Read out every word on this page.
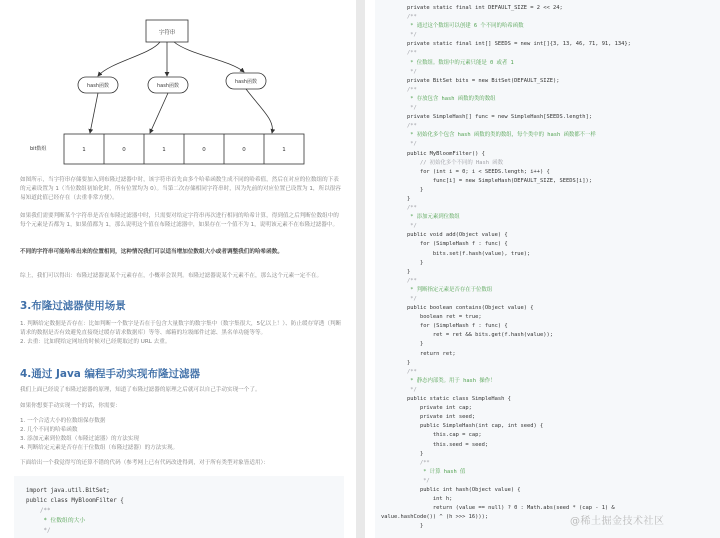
字符串
hash函数	hash函数
hash函数
bit数组	1	0	1	0	0	1

如图所示，当字符串存储要加入到布隆过滤器中时，该字符串首先由多个哈希函数生成不同的哈希值，然后在对应的位数组的下表的元素设置为 1（当位数组初始化时，所有位置均为 0）。当第二次存储相同字符串时，因为先前的对应位置已设置为 1，所以很容易知道此值已经存在（去重非常方便）。

如果我们需要判断某个字符串是否在布隆过滤器中时，只需要对给定字符串再次进行相同的哈希计算，得到值之后判断位数组中的每个元素是否都为 1，如果值都为 1，那么说明这个值在布隆过滤器中，如果存在一个值不为 1，说明该元素不在布隆过滤器中。

不同的字符串可能哈希出来的位置相同，这种情况我们可以适当增加位数组大小或者调整我们的哈希函数。

综上，我们可以得出：布隆过滤器说某个元素存在，小概率会误判。布隆过滤器说某个元素不在，那么这个元素一定不在。

3.布隆过滤器使用场景
1. 判断给定数据是否存在：比如判断一个数字是否在于包含大量数字的数字集中（数字集很大，5亿以上！）、防止缓存穿透（判断请求的数据是否有效避免直接绕过缓存请求数据库）等等、邮箱的垃圾邮件过滤、黑名单功能等等。
2. 去重：比如爬给定网址的时候对已经爬取过的 URL 去重。
4.通过 Java 编程手动实现布隆过滤器

我们上面已经说了布隆过滤器的原理，知道了布隆过滤器的原理之后就可以自己手动实现一个了。

如果你想要手动实现一个的话，你需要：

1. 一个合适大小的位数组保存数据
2. 几个不同的哈希函数
3. 添加元素到位数组（布隆过滤器）的方法实现
4. 判断给定元素是否存在于位数组（布隆过滤器）的方法实现。

下面给出一个我觉得写的还算不错的代码（参考网上已有代码改进得到，对于所有类型对象皆适用）：

import java.util.BitSet;
public class MyBloomFilter {
/**
* 位数组的大小
*/
private static final int DEFAULT_SIZE = 2 << 24;
/**
* 通过这个数组可以创建 6 个不同的哈希函数
*/
private static final int[] SEEDS = new int[]{3, 13, 46, 71, 91, 134};
/**
* 位数组。数组中的元素只能是 0 或者 1
*/
private BitSet bits = new BitSet(DEFAULT_SIZE);
/**
* 存放包含 hash 函数的类的数组
*/
private SimpleHash[] func = new SimpleHash[SEEDS.length];
/**
* 初始化多个包含 hash 函数的类的数组，每个类中的 hash 函数都不一样
*/
public MyBloomFilter() {
// 初始化多个不同的 Hash 函数
for (int i = 0; i < SEEDS.length; i++) {
func[i] = new SimpleHash(DEFAULT_SIZE, SEEDS[i]);
}
}
/**
* 添加元素到位数组
*/
public void add(Object value) {
for (SimpleHash f : func) {
bits.set(f.hash(value), true);
}
}
/**
* 判断指定元素是否存在于位数组
*/
public boolean contains(Object value) {
boolean ret = true;
for (SimpleHash f : func) {
ret = ret && bits.get(f.hash(value));
}
return ret;
}
/**
* 静态内部类。用于 hash 操作！
*/
public static class SimpleHash {
private int cap;
private int seed;
public SimpleHash(int cap, int seed) {
this.cap = cap;
this.seed = seed;
}
/**
* 计算 hash 值
*/
public int hash(Object value) {
int h;
return (value == null) ? 0 : Math.abs(seed * (cap - 1) &
value.hashCode()) ^ (h >>> 16)));
}	@稀土掘金技术社区
